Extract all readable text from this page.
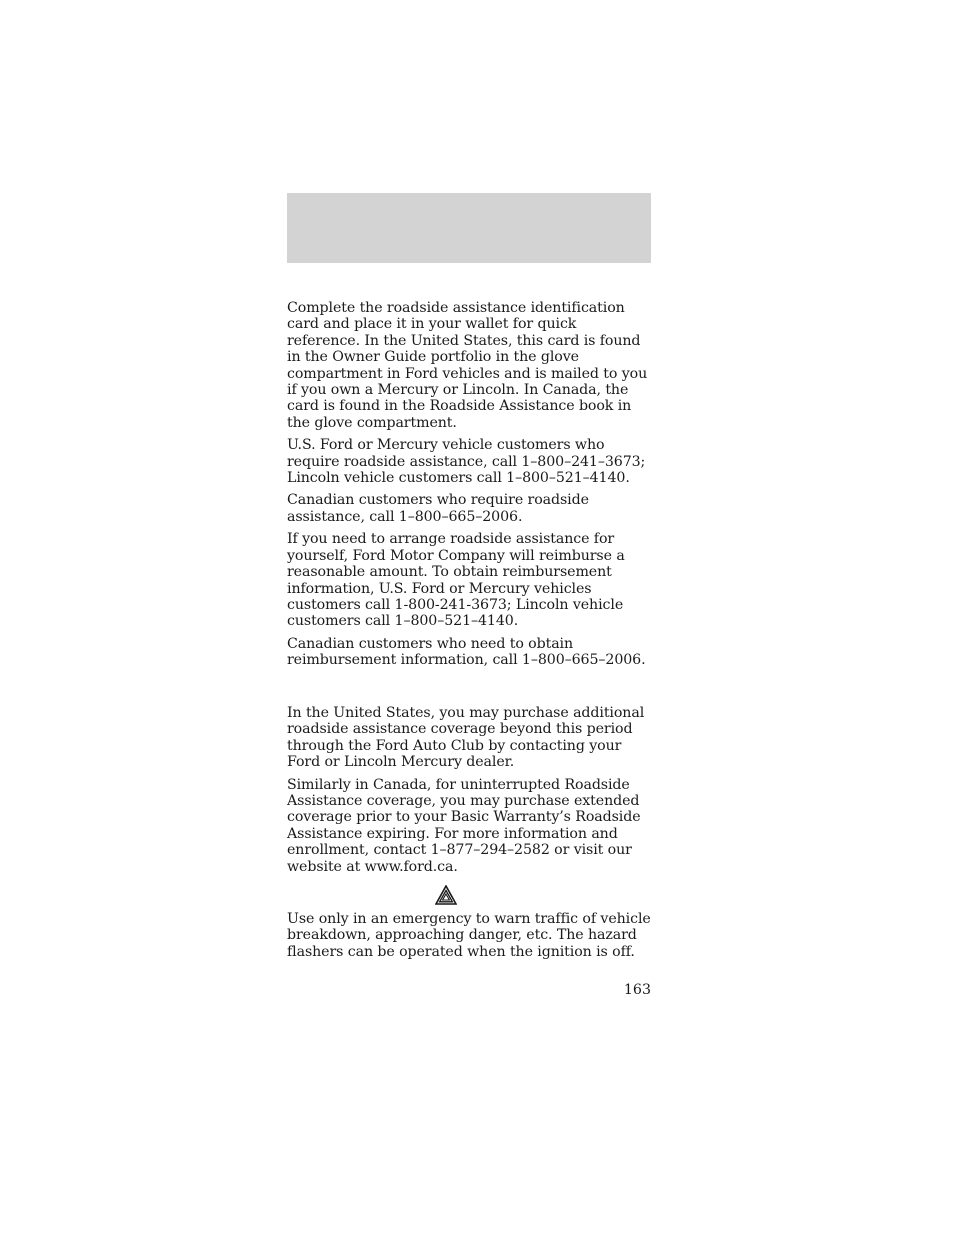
Complete the roadside assistance identification card and place it in your wallet for quick reference. In the United States, this card is found in the Owner Guide portfolio in the glove compartment in Ford vehicles and is mailed to you if you own a Mercury or Lincoln. In Canada, the card is found in the Roadside Assistance book in the glove compartment.

U.S. Ford or Mercury vehicle customers who require roadside assistance, call 1–800–241–3673; Lincoln vehicle customers call 1–800–521–4140.

Canadian customers who require roadside assistance, call 1–800–665–2006.

If you need to arrange roadside assistance for yourself, Ford Motor Company will reimburse a reasonable amount. To obtain reimbursement information, U.S. Ford or Mercury vehicles customers call 1-800-241-3673; Lincoln vehicle customers call 1–800–521–4140.

Canadian customers who need to obtain reimbursement information, call 1–800–665–2006.

In the United States, you may purchase additional roadside assistance coverage beyond this period through the Ford Auto Club by contacting your Ford or Lincoln Mercury dealer.

Similarly in Canada, for uninterrupted Roadside Assistance coverage, you may purchase extended coverage prior to your Basic Warranty’s Roadside Assistance expiring. For more information and enrollment, contact 1–877–294–2582 or visit our website at www.ford.ca.

Use only in an emergency to warn traffic of vehicle breakdown, approaching danger, etc. The hazard flashers can be operated when the ignition is off.

163
